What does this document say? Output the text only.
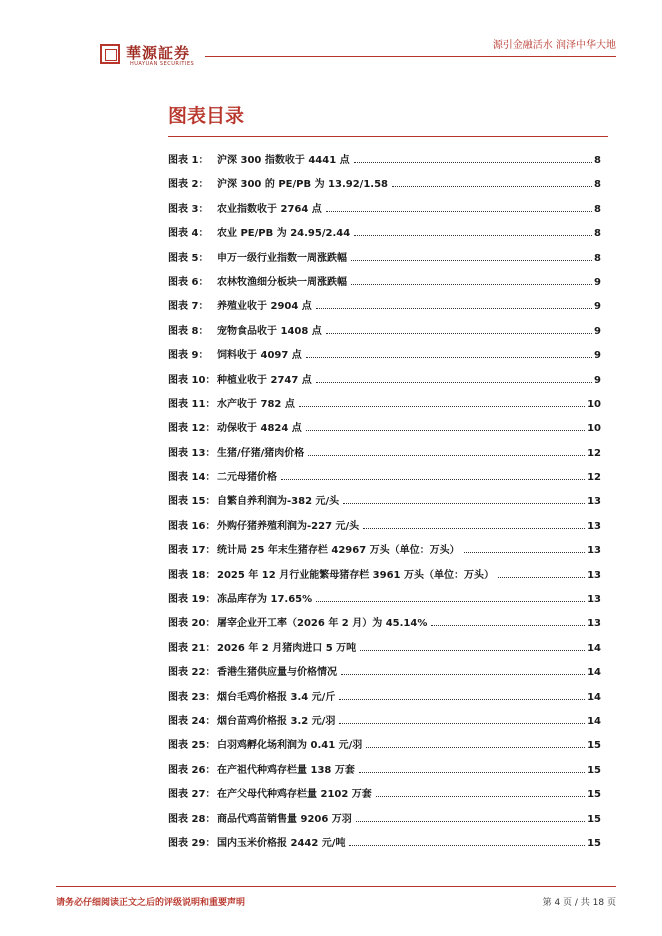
華源証券
HUAYUAN SECURITIES
源引金融活水 润泽中华大地
图表目录
图表 1： 沪深 300 指数收于 4441 点	8
图表 2： 沪深 300 的 PE/PB 为 13.92/1.58	8
图表 3： 农业指数收于 2764 点	8
图表 4： 农业 PE/PB 为 24.95/2.44	8
图表 5： 申万一级行业指数一周涨跌幅	8
图表 6： 农林牧渔细分板块一周涨跌幅	9
图表 7： 养殖业收于 2904 点	9
图表 8： 宠物食品收于 1408 点	9
图表 9： 饲料收于 4097 点	9
图表 10： 种植业收于 2747 点	9
图表 11： 水产收于 782 点	10
图表 12： 动保收于 4824 点	10
图表 13： 生猪/仔猪/猪肉价格	12
图表 14： 二元母猪价格	12
图表 15： 自繁自养利润为-382 元/头	13
图表 16： 外购仔猪养殖利润为-227 元/头	13
图表 17： 统计局 25 年末生猪存栏 42967 万头（单位：万头）	13
图表 18： 2025 年 12 月行业能繁母猪存栏 3961 万头（单位：万头）	13
图表 19： 冻品库存为 17.65%	13
图表 20： 屠宰企业开工率（2026 年 2 月）为 45.14%	13
图表 21： 2026 年 2 月猪肉进口 5 万吨	14
图表 22： 香港生猪供应量与价格情况	14
图表 23： 烟台毛鸡价格报 3.4 元/斤	14
图表 24： 烟台苗鸡价格报 3.2 元/羽	14
图表 25： 白羽鸡孵化场利润为 0.41 元/羽	15
图表 26： 在产祖代种鸡存栏量 138 万套	15
图表 27： 在产父母代种鸡存栏量 2102 万套	15
图表 28： 商品代鸡苗销售量 9206 万羽	15
图表 29： 国内玉米价格报 2442 元/吨	15
请务必仔细阅读正文之后的评级说明和重要声明	第 4 页 / 共 18 页
